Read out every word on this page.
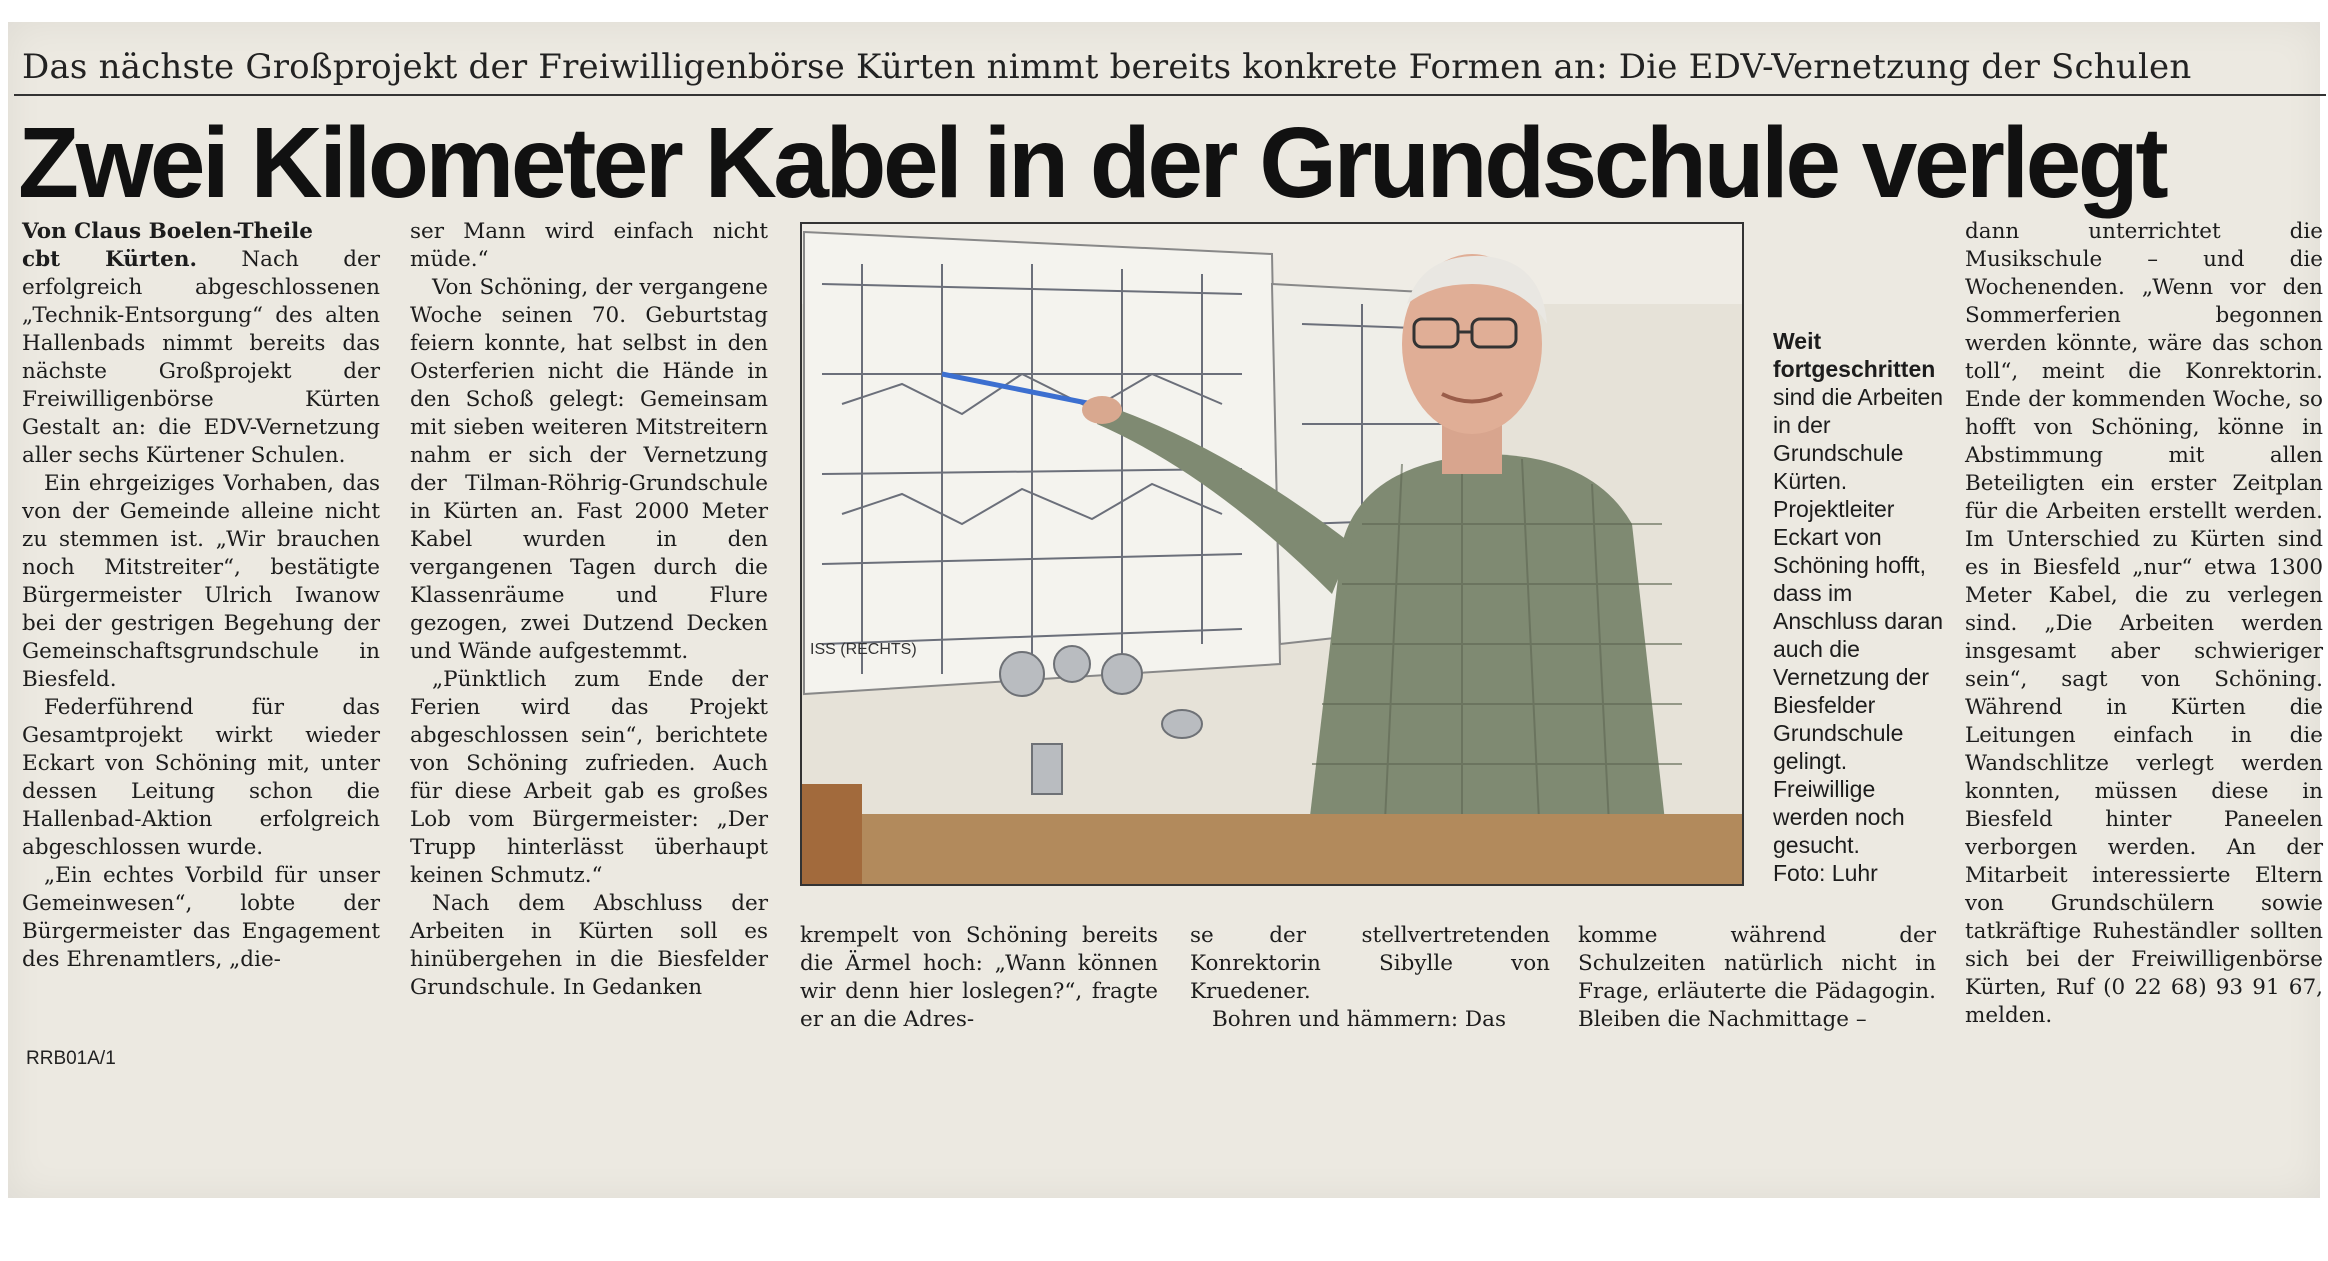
Das nächste Großprojekt der Freiwilligenbörse Kürten nimmt bereits konkrete Formen an: Die EDV-Vernetzung der Schulen
Zwei Kilometer Kabel in der Grundschule verlegt

Von Claus Boelen-Theile

cbt Kürten. Nach der erfolgreich abgeschlossenen „Technik-Entsorgung“ des alten Hallenbads nimmt bereits das nächste Großprojekt der Freiwilligenbörse Kürten Gestalt an: die EDV-Vernetzung aller sechs Kürtener Schulen.

Ein ehrgeiziges Vorhaben, das von der Gemeinde alleine nicht zu stemmen ist. „Wir brauchen noch Mitstreiter“, bestätigte Bürgermeister Ulrich Iwanow bei der gestrigen Begehung der Gemeinschaftsgrundschule in Biesfeld.

Federführend für das Gesamtprojekt wirkt wieder Eckart von Schöning mit, unter dessen Leitung schon die Hallenbad-Aktion erfolgreich abgeschlossen wurde.

„Ein echtes Vorbild für unser Gemeinwesen“, lobte der Bürgermeister das Engagement des Ehrenamtlers, „die-

ser Mann wird einfach nicht müde.“

Von Schöning, der vergangene Woche seinen 70. Geburtstag feiern konnte, hat selbst in den Osterferien nicht die Hände in den Schoß gelegt: Gemeinsam mit sieben weiteren Mitstreitern nahm er sich der Vernetzung der Tilman-Röhrig-Grundschule in Kürten an. Fast 2000 Meter Kabel wurden in den vergangenen Tagen durch die Klassenräume und Flure gezogen, zwei Dutzend Decken und Wände aufgestemmt.

„Pünktlich zum Ende der Ferien wird das Projekt abgeschlossen sein“, berichtete von Schöning zufrieden. Auch für diese Arbeit gab es großes Lob vom Bürgermeister: „Der Trupp hinterlässt überhaupt keinen Schmutz.“

Nach dem Abschluss der Arbeiten in Kürten soll es hinübergehen in die Biesfelder Grundschule. In Gedanken

ISS (RECHTS)
Weit fortgeschritten sind die Arbeiten in der Grundschule Kürten. Projektleiter Eckart von Schöning hofft, dass im Anschluss daran auch die Vernetzung der Biesfelder Grundschule gelingt. Freiwillige werden noch gesucht.
Foto: Luhr

krempelt von Schöning bereits die Ärmel hoch: „Wann können wir denn hier loslegen?“, fragte er an die Adres-

se der stellvertretenden Konrektorin Sibylle von Kruedener.

Bohren und hämmern: Das

komme während der Schulzeiten natürlich nicht in Frage, erläuterte die Pädagogin. Bleiben die Nachmittage –

dann unterrichtet die Musikschule – und die Wochenenden. „Wenn vor den Sommerferien begonnen werden könnte, wäre das schon toll“, meint die Konrektorin. Ende der kommenden Woche, so hofft von Schöning, könne in Abstimmung mit allen Beteiligten ein erster Zeitplan für die Arbeiten erstellt werden. Im Unterschied zu Kürten sind es in Biesfeld „nur“ etwa 1300 Meter Kabel, die zu verlegen sind. „Die Arbeiten werden insgesamt aber schwieriger sein“, sagt von Schöning. Während in Kürten die Leitungen einfach in die Wandschlitze verlegt werden konnten, müssen diese in Biesfeld hinter Paneelen verborgen werden. An der Mitarbeit interessierte Eltern von Grundschülern sowie tatkräftige Ruheständler sollten sich bei der Freiwilligenbörse Kürten, Ruf (0 22 68) 93 91 67, melden.

RRB01A/1
